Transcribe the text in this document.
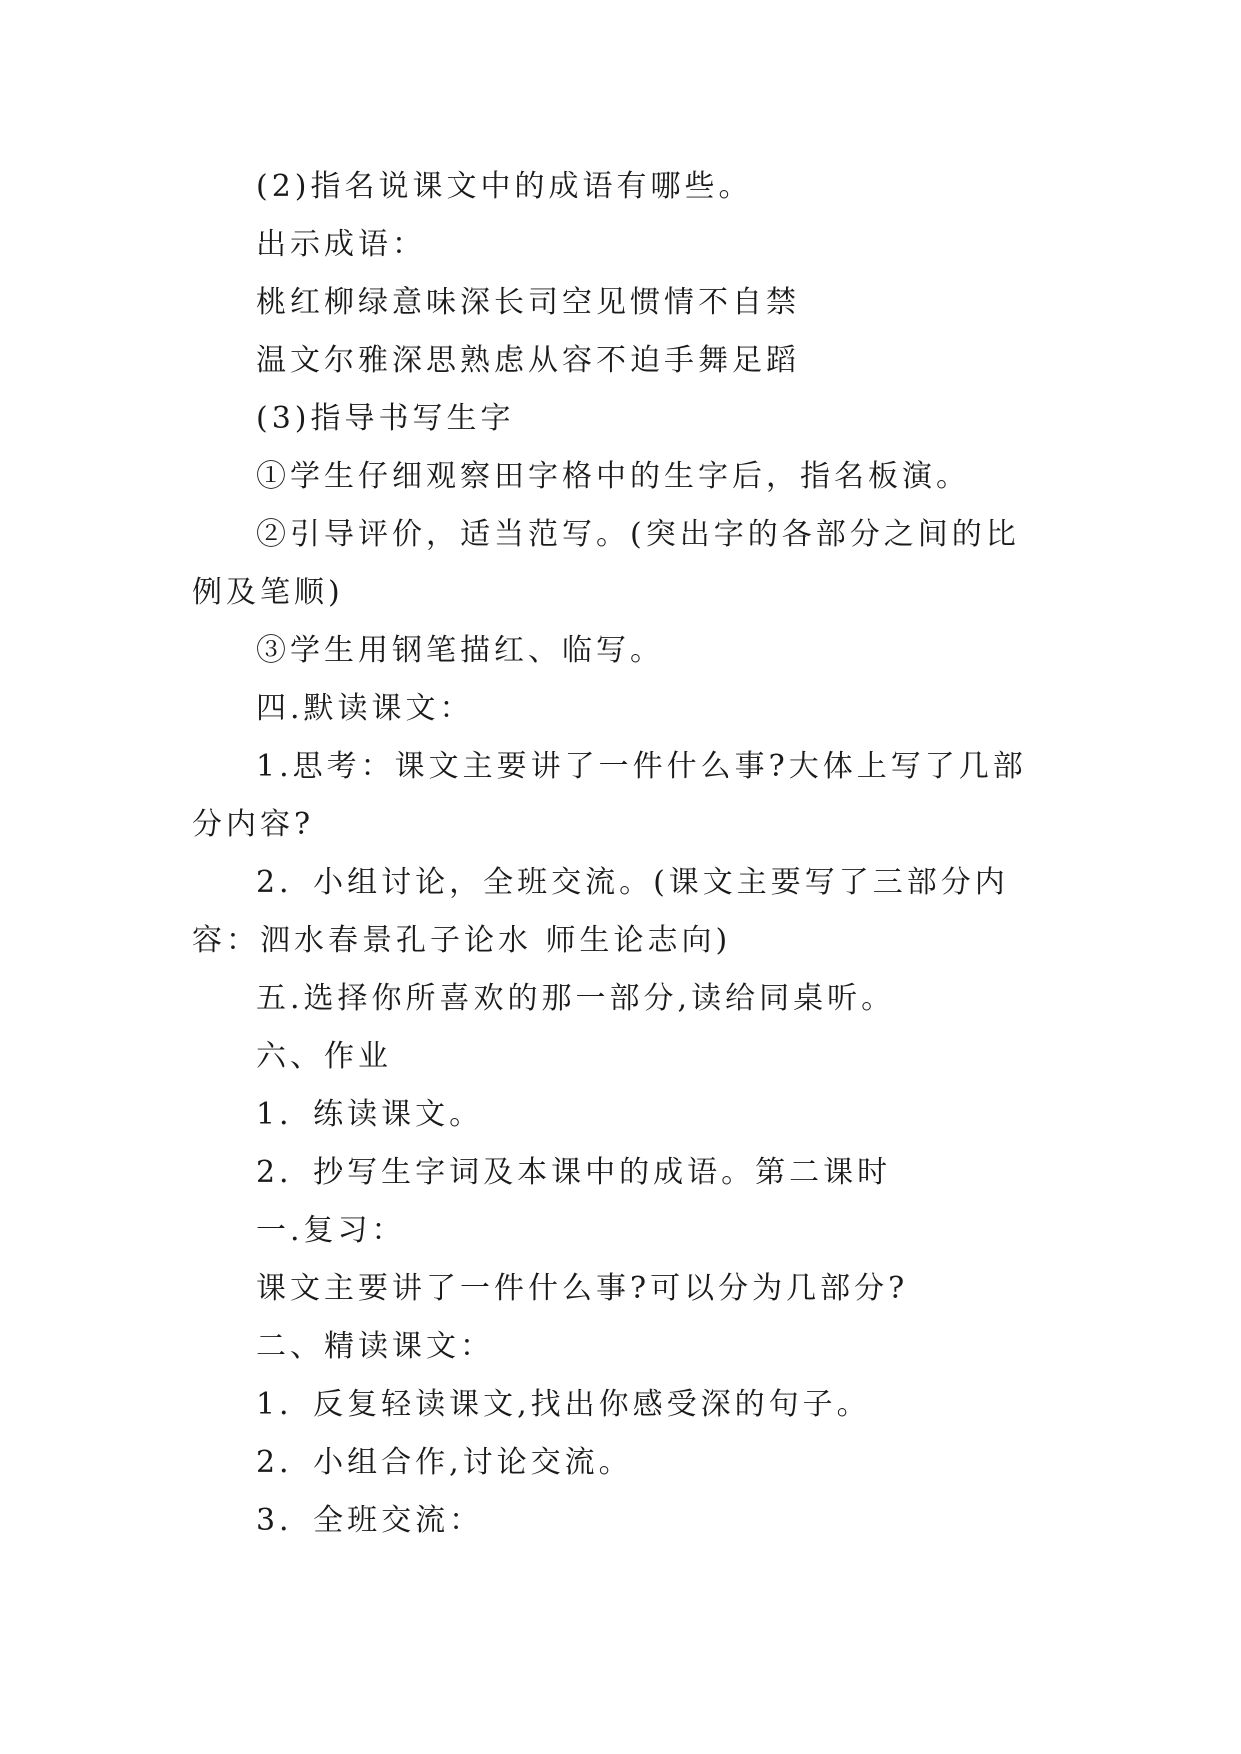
(2)指名说课文中的成语有哪些。

出示成语：

桃红柳绿意味深长司空见惯情不自禁

温文尔雅深思熟虑从容不迫手舞足蹈

(3)指导书写生字

①学生仔细观察田字格中的生字后，指名板演。

②引导评价，适当范写。(突出字的各部分之间的比例及笔顺)

③学生用钢笔描红、临写。

四.默读课文：

1.思考：课文主要讲了一件什么事?大体上写了几部分内容?

2．小组讨论，全班交流。(课文主要写了三部分内容：泗水春景孔子论水 师生论志向)

五.选择你所喜欢的那一部分,读给同桌听。

六、作业

1．练读课文。

2．抄写生字词及本课中的成语。第二课时

一.复习：

课文主要讲了一件什么事?可以分为几部分?

二、精读课文：

1．反复轻读课文,找出你感受深的句子。

2．小组合作,讨论交流。

3．全班交流：
